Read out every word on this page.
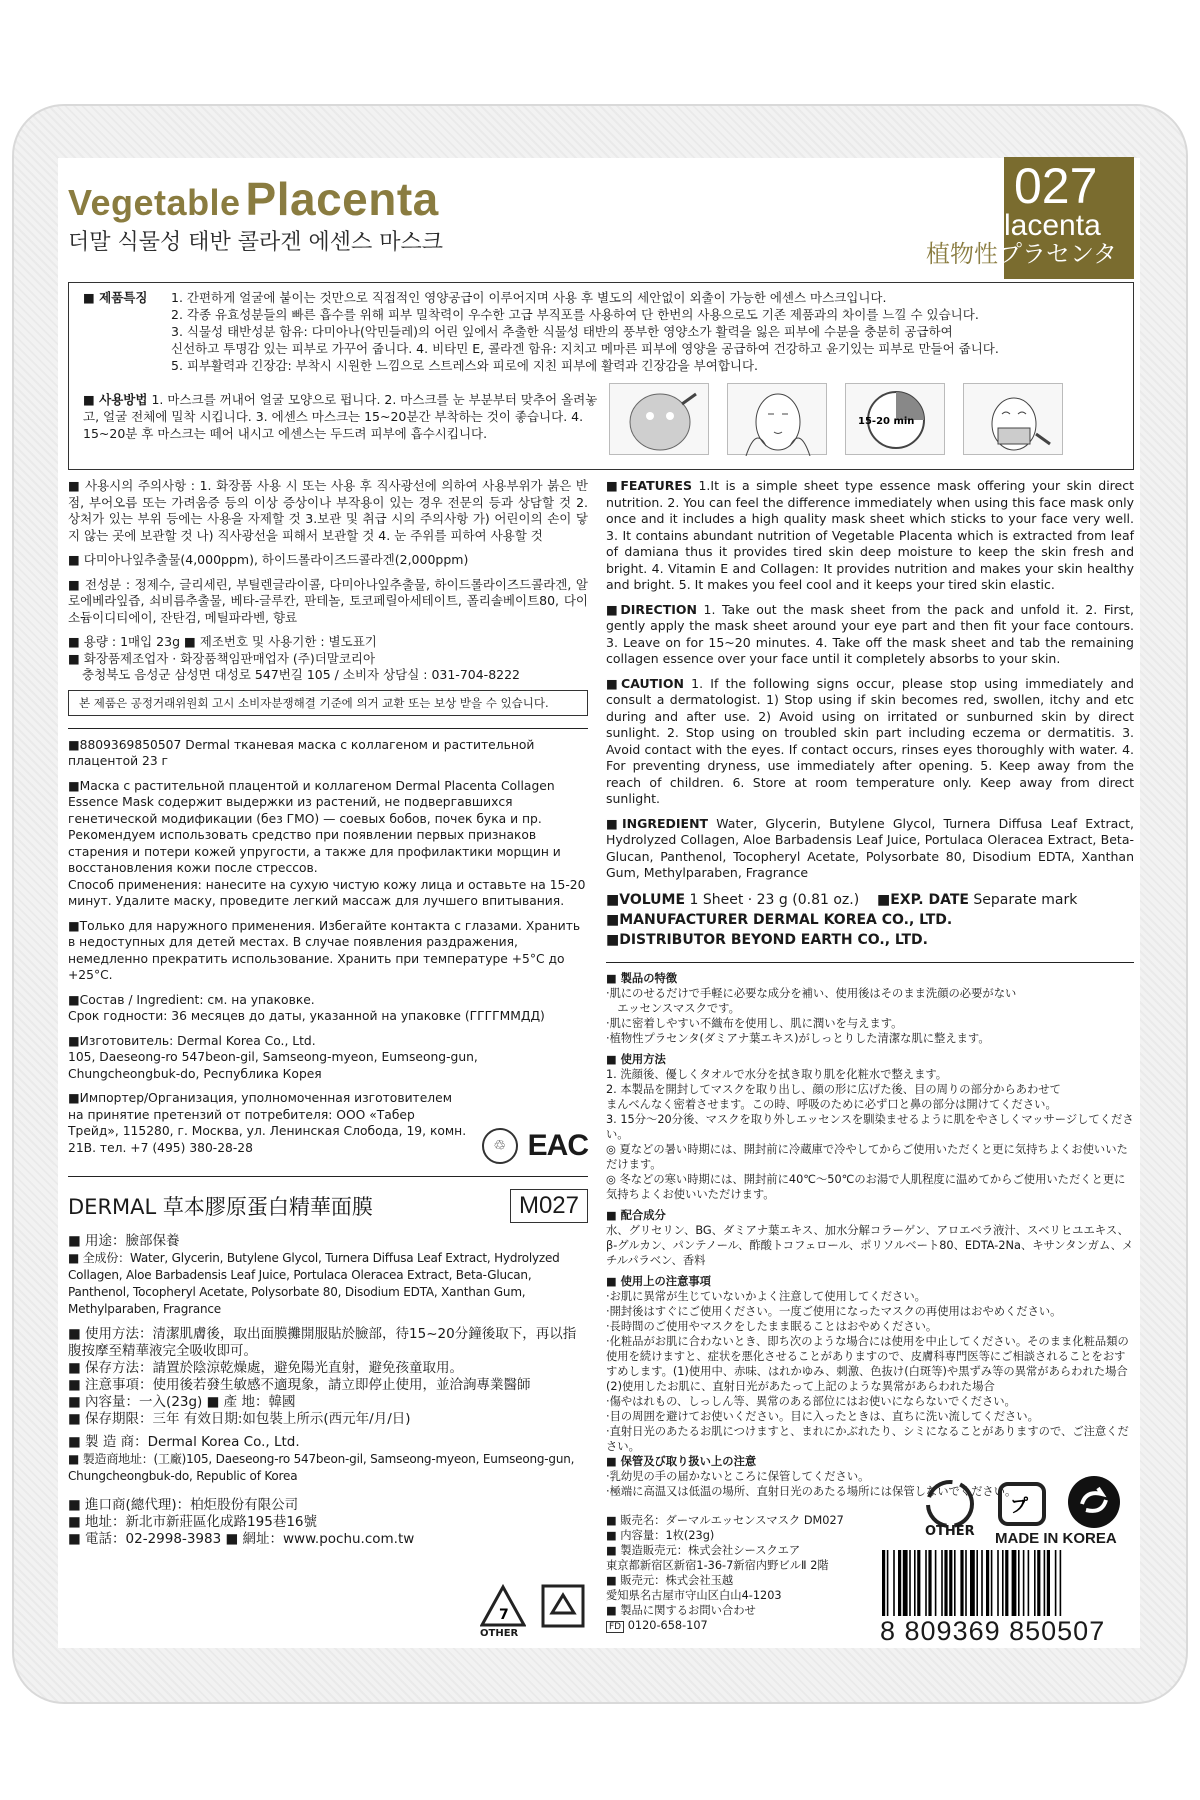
Vegetable Placenta
더말 식물성 태반 콜라겐 에센스 마스크
027
Placenta
植物性プラセンタ
■ 제품특징	1. 간편하게 얼굴에 붙이는 것만으로 직접적인 영양공급이 이루어지며 사용 후 별도의 세안없이 외출이 가능한 에센스 마스크입니다.
2. 각종 유효성분들의 빠른 흡수를 위해 피부 밀착력이 우수한 고급 부직포를 사용하여 단 한번의 사용으로도 기존 제품과의 차이를 느낄 수 있습니다.
3. 식물성 태반성분 함유: 다미아나(악민들레)의 어린 잎에서 추출한 식물성 태반의 풍부한 영양소가 활력을 잃은 피부에 수분을 충분히 공급하여
신선하고 투명감 있는 피부로 가꾸어 줍니다. 4. 비타민 E, 콜라겐 함유: 지치고 메마른 피부에 영양을 공급하여 건강하고 윤기있는 피부로 만들어 줍니다.
5. 피부활력과 긴장감: 부착시 시원한 느낌으로 스트레스와 피로에 지친 피부에 활력과 긴장감을 부여합니다.
■ 사용방법 1. 마스크를 꺼내어 얼굴 모양으로 펍니다. 2. 마스크를 눈 부분부터 맞추어 올려놓고, 얼굴 전체에 밀착 시킵니다. 3. 에센스 마스크는 15~20분간 부착하는 것이 좋습니다. 4. 15~20분 후 마스크는 떼어 내시고 에센스는 두드려 피부에 흡수시킵니다.
15-20 min
■ 사용시의 주의사항 : 1. 화장품 사용 시 또는 사용 후 직사광선에 의하여 사용부위가 붉은 반점, 부어오름 또는 가려움증 등의 이상 증상이나 부작용이 있는 경우 전문의 등과 상담할 것 2. 상처가 있는 부위 등에는 사용을 자제할 것 3.보관 및 취급 시의 주의사항 가) 어린이의 손이 닿지 않는 곳에 보관할 것 나) 직사광선을 피해서 보관할 것 4. 눈 주위를 피하여 사용할 것
■ 다미아나잎추출물(4,000ppm), 하이드롤라이즈드콜라겐(2,000ppm)
■ 전성분 : 정제수, 글리세린, 부틸렌글라이콜, 다미아나잎추출물, 하이드롤라이즈드콜라겐, 알로에베라잎즙, 쇠비름추출물, 베타-글루칸, 판테놀, 토코페릴아세테이트, 폴리솔베이트80, 다이소듐이디티에이, 잔탄검, 메틸파라벤, 향료
■ 용량 : 1매입 23g ■ 제조번호 및 사용기한 : 별도표기
■ 화장품제조업자 · 화장품책임판매업자 (주)더말코리아
충청북도 음성군 삼성면 대성로 547번길 105 / 소비자 상담실 : 031-704-8222
본 제품은 공정거래위원회 고시 소비자분쟁해결 기준에 의거 교환 또는 보상 받을 수 있습니다.
■8809369850507 Dermal тканевая маска с коллагеном и растительной плацентой 23 г
■Маска с растительной плацентой и коллагеном Dermal Placenta Collagen Essence Mask содержит выдержки из растений, не подвергавшихся генетической модификации (без ГМО) — соевых бобов, почек бука и пр. Рекомендуем использовать средство при появлении первых признаков старения и потери кожей упругости, а также для профилактики морщин и восстановления кожи после стрессов.
Способ применения: нанесите на сухую чистую кожу лица и оставьте на 15-20 минут. Удалите маску, проведите легкий массаж для лучшего впитывания.
■Только для наружного применения. Избегайте контакта с глазами. Хранить в недоступных для детей местах. В случае появления раздражения, немедленно прекратить использование. Хранить при температуре +5°C до +25°C.
■Состав / Ingredient: см. на упаковке.
Срок годности: 36 месяцев до даты, указанной на упаковке (ГГГГММДД)
■Изготовитель: Dermal Korea Co., Ltd.
105, Daeseong-ro 547beon-gil, Samseong-myeon, Eumseong-gun, Chungcheongbuk-do, Республика Корея
■Импортер/Организация, уполномоченная изготовителем на принятие претензий от потребителя: ООО «Табер Трейд», 115280, г. Москва, ул. Ленинская Слобода, 19, комн. 21В. тел. +7 (495) 380-28-28	♲ EAC
DERMAL 草本膠原蛋白精華面膜	M027
■ 用途：臉部保養
■ 全成份：Water, Glycerin, Butylene Glycol, Turnera Diffusa Leaf Extract, Hydrolyzed Collagen, Aloe Barbadensis Leaf Juice, Portulaca Oleracea Extract, Beta-Glucan, Panthenol, Tocopheryl Acetate, Polysorbate 80, Disodium EDTA, Xanthan Gum, Methylparaben, Fragrance
■ 使用方法：清潔肌膚後，取出面膜攤開服貼於臉部，待15~20分鐘後取下，再以指腹按摩至精華液完全吸收即可。
■ 保存方法：請置於陰涼乾燥處，避免陽光直射，避免孩童取用。
■ 注意事項：使用後若發生敏感不適現象，請立即停止使用，並洽詢專業醫師
■ 內容量：一入(23g) ■ 產 地：韓國
■ 保存期限：三年 有效日期:如包裝上所示(西元年/月/日)
■ 製 造 商：Dermal Korea Co., Ltd.
■ 製造商地址：(工廠)105, Daeseong-ro 547beon-gil, Samseong-myeon, Eumseong-gun, Chungcheongbuk-do, Republic of Korea
■ 進口商(總代理)：柏炬股份有限公司
■ 地址：新北市新莊區化成路195巷16號
■ 電話：02-2998-3983 ■ 網址：www.pochu.com.tw
7
OTHER
■FEATURES 1.It is a simple sheet type essence mask offering your skin direct nutrition. 2. You can feel the difference immediately when using this face mask only once and it includes a high quality mask sheet which sticks to your face very well. 3. It contains abundant nutrition of Vegetable Placenta which is extracted from leaf of damiana thus it provides tired skin deep moisture to keep the skin fresh and bright. 4. Vitamin E and Collagen: It provides nutrition and makes your skin healthy and bright. 5. It makes you feel cool and it keeps your tired skin elastic.
■DIRECTION 1. Take out the mask sheet from the pack and unfold it. 2. First, gently apply the mask sheet around your eye part and then fit your face contours. 3. Leave on for 15~20 minutes. 4. Take off the mask sheet and tab the remaining collagen essence over your face until it completely absorbs to your skin.
■CAUTION 1. If the following signs occur, please stop using immediately and consult a dermatologist. 1) Stop using if skin becomes red, swollen, itchy and etc during and after use. 2) Avoid using on irritated or sunburned skin by direct sunlight. 2. Stop using on troubled skin part including eczema or dermatitis. 3. Avoid contact with the eyes. If contact occurs, rinses eyes thoroughly with water. 4. For preventing dryness, use immediately after opening. 5. Keep away from the reach of children. 6. Store at room temperature only. Keep away from direct sunlight.
■INGREDIENT Water, Glycerin, Butylene Glycol, Turnera Diffusa Leaf Extract, Hydrolyzed Collagen, Aloe Barbadensis Leaf Juice, Portulaca Oleracea Extract, Beta-Glucan, Panthenol, Tocopheryl Acetate, Polysorbate 80, Disodium EDTA, Xanthan Gum, Methylparaben, Fragrance
■VOLUME 1 Sheet · 23 g (0.81 oz.) ■EXP. DATE Separate mark
■MANUFACTURER DERMAL KOREA CO., LTD.
■DISTRIBUTOR BEYOND EARTH CO., LTD.
■ 製品の特徴
·肌にのせるだけで手軽に必要な成分を補い、使用後はそのまま洗顔の必要がない
　エッセンスマスクです。
·肌に密着しやすい不織布を使用し、肌に潤いを与えます。
·植物性プラセンタ(ダミアナ葉エキス)がしっとりした清潔な肌に整えます。
■ 使用方法
1. 洗顔後、優しくタオルで水分を拭き取り肌を化粧水で整えます。
2. 本製品を開封してマスクを取り出し、顔の形に広げた後、目の周りの部分からあわせて
まんべんなく密着させます。この時、呼吸のために必ず口と鼻の部分は開けてください。
3. 15分〜20分後、マスクを取り外しエッセンスを馴染ませるように肌をやさしくマッサージしてください。
◎ 夏などの暑い時期には、開封前に冷蔵庫で冷やしてからご使用いただくと更に気持ちよくお使いいただけます。
◎ 冬などの寒い時期には、開封前に40℃〜50℃のお湯で人肌程度に温めてからご使用いただくと更に気持ちよくお使いいただけます。
■ 配合成分
水、グリセリン、BG、ダミアナ葉エキス、加水分解コラーゲン、アロエベラ液汁、スベリヒユエキス、β-グルカン、パンテノール、酢酸トコフェロール、ポリソルベート80、EDTA-2Na、キサンタンガム、メチルパラベン、香料
■ 使用上の注意事項
·お肌に異常が生じていないかよく注意して使用してください。
·開封後はすぐにご使用ください。一度ご使用になったマスクの再使用はおやめください。
·長時間のご使用やマスクをしたまま眠ることはおやめください。
·化粧品がお肌に合わないとき、即ち次のような場合には使用を中止してください。そのまま化粧品類の使用を続けますと、症状を悪化させることがありますので、皮膚科専門医等にご相談されることをおすすめします。(1)使用中、赤味、はれかゆみ、刺激、色抜け(白斑等)や黒ずみ等の異常があらわれた場合 (2)使用したお肌に、直射日光があたって上記のような異常があらわれた場合
·傷やはれもの、しっしん等、異常のある部位にはお使いにならないでください。
·目の周囲を避けてお使いください。目に入ったときは、直ちに洗い流してください。
·直射日光のあたるお肌につけますと、まれにかぶれたり、シミになることがありますので、ご注意ください。
■ 保管及び取り扱い上の注意
·乳幼児の手の届かないところに保管してください。
·極端に高温又は低温の場所、直射日光のあたる場所には保管しないでください。
■ 販売名：ダーマルエッセンスマスク DM027
■ 内容量：1枚(23g)
■ 製造販売元：株式会社シースクエア
東京都新宿区新宿1-36-7新宿内野ビルⅡ 2階
■ 販売元：株式会社玉越
愛知県名古屋市守山区白山4-1203
■ 製品に関するお問い合わせ
FD 0120-658-107
OTHER
プ
MADE IN KOREA
8 809369 850507
